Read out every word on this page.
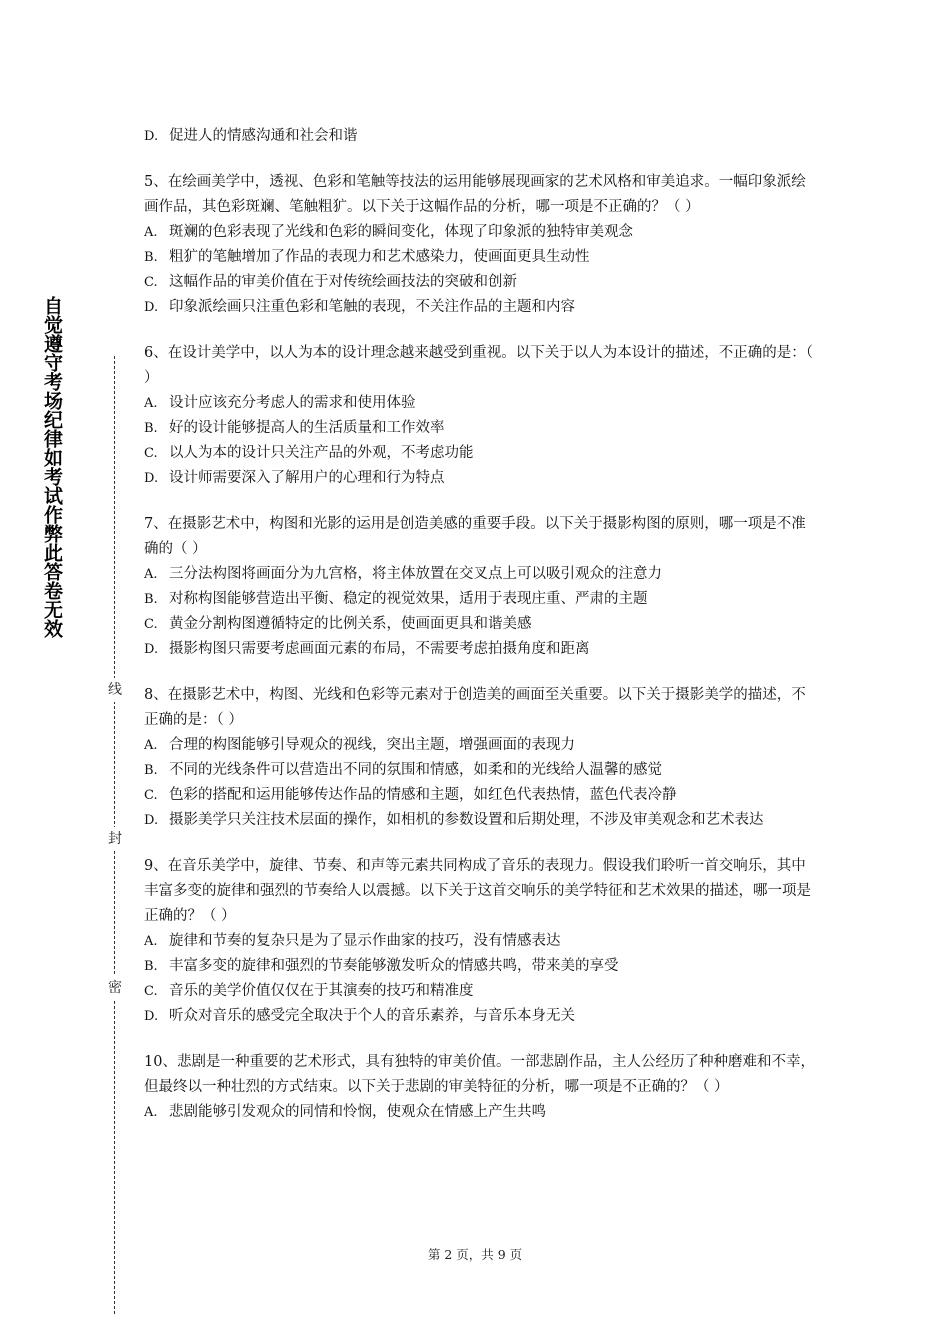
自觉遵守考场纪律如考试作弊此答卷无效
线
封
密

D. 促进人的情感沟通和社会和谐

5、在绘画美学中，透视、色彩和笔触等技法的运用能够展现画家的艺术风格和审美追求。一幅印象派绘画作品，其色彩斑斓、笔触粗犷。以下关于这幅作品的分析，哪一项是不正确的？（ ）

A. 斑斓的色彩表现了光线和色彩的瞬间变化，体现了印象派的独特审美观念

B. 粗犷的笔触增加了作品的表现力和艺术感染力，使画面更具生动性

C. 这幅作品的审美价值在于对传统绘画技法的突破和创新

D. 印象派绘画只注重色彩和笔触的表现，不关注作品的主题和内容

6、在设计美学中，以人为本的设计理念越来越受到重视。以下关于以人为本设计的描述，不正确的是：（ ）

A. 设计应该充分考虑人的需求和使用体验

B. 好的设计能够提高人的生活质量和工作效率

C. 以人为本的设计只关注产品的外观，不考虑功能

D. 设计师需要深入了解用户的心理和行为特点

7、在摄影艺术中，构图和光影的运用是创造美感的重要手段。以下关于摄影构图的原则，哪一项是不准确的（ ）

A. 三分法构图将画面分为九宫格，将主体放置在交叉点上可以吸引观众的注意力

B. 对称构图能够营造出平衡、稳定的视觉效果，适用于表现庄重、严肃的主题

C. 黄金分割构图遵循特定的比例关系，使画面更具和谐美感

D. 摄影构图只需要考虑画面元素的布局，不需要考虑拍摄角度和距离

8、在摄影艺术中，构图、光线和色彩等元素对于创造美的画面至关重要。以下关于摄影美学的描述，不正确的是：（ ）

A. 合理的构图能够引导观众的视线，突出主题，增强画面的表现力

B. 不同的光线条件可以营造出不同的氛围和情感，如柔和的光线给人温馨的感觉

C. 色彩的搭配和运用能够传达作品的情感和主题，如红色代表热情，蓝色代表冷静

D. 摄影美学只关注技术层面的操作，如相机的参数设置和后期处理，不涉及审美观念和艺术表达

9、在音乐美学中，旋律、节奏、和声等元素共同构成了音乐的表现力。假设我们聆听一首交响乐，其中丰富多变的旋律和强烈的节奏给人以震撼。以下关于这首交响乐的美学特征和艺术效果的描述，哪一项是正确的？（ ）

A. 旋律和节奏的复杂只是为了显示作曲家的技巧，没有情感表达

B. 丰富多变的旋律和强烈的节奏能够激发听众的情感共鸣，带来美的享受

C. 音乐的美学价值仅仅在于其演奏的技巧和精准度

D. 听众对音乐的感受完全取决于个人的音乐素养，与音乐本身无关

10、悲剧是一种重要的艺术形式，具有独特的审美价值。一部悲剧作品，主人公经历了种种磨难和不幸，但最终以一种壮烈的方式结束。以下关于悲剧的审美特征的分析，哪一项是不正确的？（ ）

A. 悲剧能够引发观众的同情和怜悯，使观众在情感上产生共鸣

第 2 页，共 9 页
